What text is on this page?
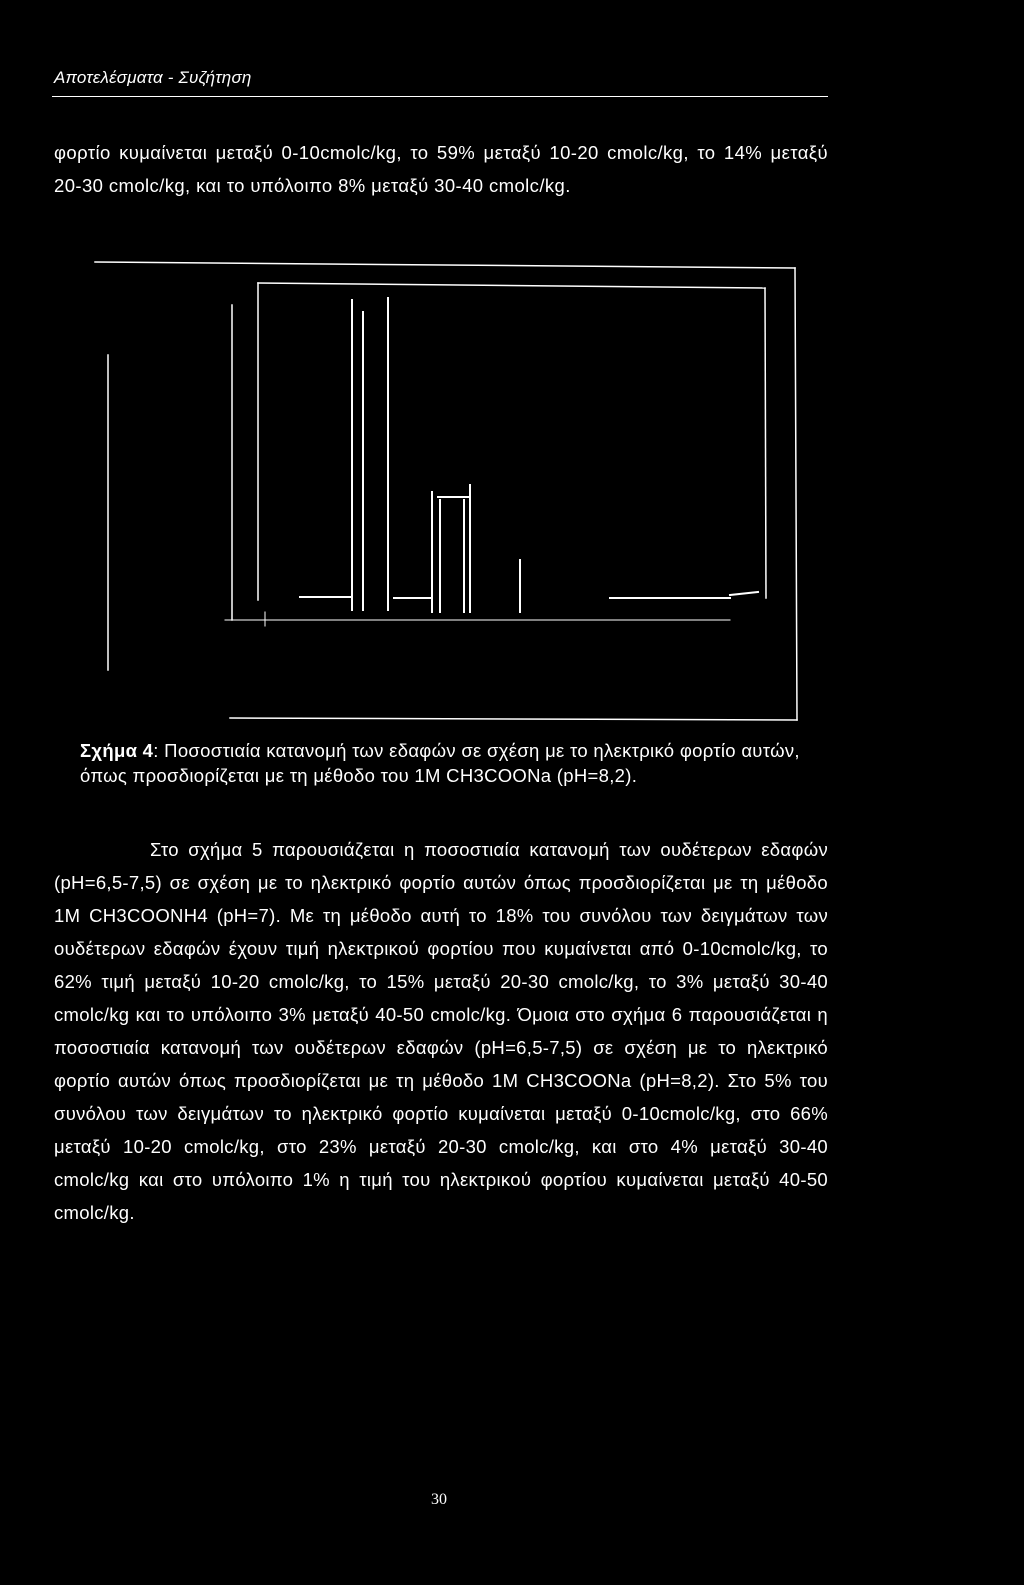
Αποτελέσματα - Συζήτηση

φορτίο κυμαίνεται μεταξύ 0-10cmolc/kg, το 59% μεταξύ 10-20 cmolc/kg, το 14% μεταξύ 20-30 cmolc/kg, και το υπόλοιπο 8% μεταξύ 30-40 cmolc/kg.

Σχήμα 4: Ποσοστιαία κατανομή των εδαφών σε σχέση με το ηλεκτρικό φορτίο αυτών, όπως προσδιορίζεται με τη μέθοδο του 1M CH3COONa (pH=8,2).

Στο σχήμα 5 παρουσιάζεται η ποσοστιαία κατανομή των ουδέτερων εδαφών (pH=6,5-7,5) σε σχέση με το ηλεκτρικό φορτίο αυτών όπως προσδιορίζεται με τη μέθοδο 1M CH3COONH4 (pH=7). Με τη μέθοδο αυτή το 18% του συνόλου των δειγμάτων των ουδέτερων εδαφών έχουν τιμή ηλεκτρικού φορτίου που κυμαίνεται από 0-10cmolc/kg, το 62% τιμή μεταξύ 10-20 cmolc/kg, το 15% μεταξύ 20-30 cmolc/kg, το 3% μεταξύ 30-40 cmolc/kg και το υπόλοιπο 3% μεταξύ 40-50 cmolc/kg. Όμοια στο σχήμα 6 παρουσιάζεται η ποσοστιαία κατανομή των ουδέτερων εδαφών (pH=6,5-7,5) σε σχέση με το ηλεκτρικό φορτίο αυτών όπως προσδιορίζεται με τη μέθοδο 1M CH3COONa (pH=8,2). Στο 5% του συνόλου των δειγμάτων το ηλεκτρικό φορτίο κυμαίνεται μεταξύ 0-10cmolc/kg, στο 66% μεταξύ 10-20 cmolc/kg, στο 23% μεταξύ 20-30 cmolc/kg, και στο 4% μεταξύ 30-40 cmolc/kg και στο υπόλοιπο 1% η τιμή του ηλεκτρικού φορτίου κυμαίνεται μεταξύ 40-50 cmolc/kg.

30
